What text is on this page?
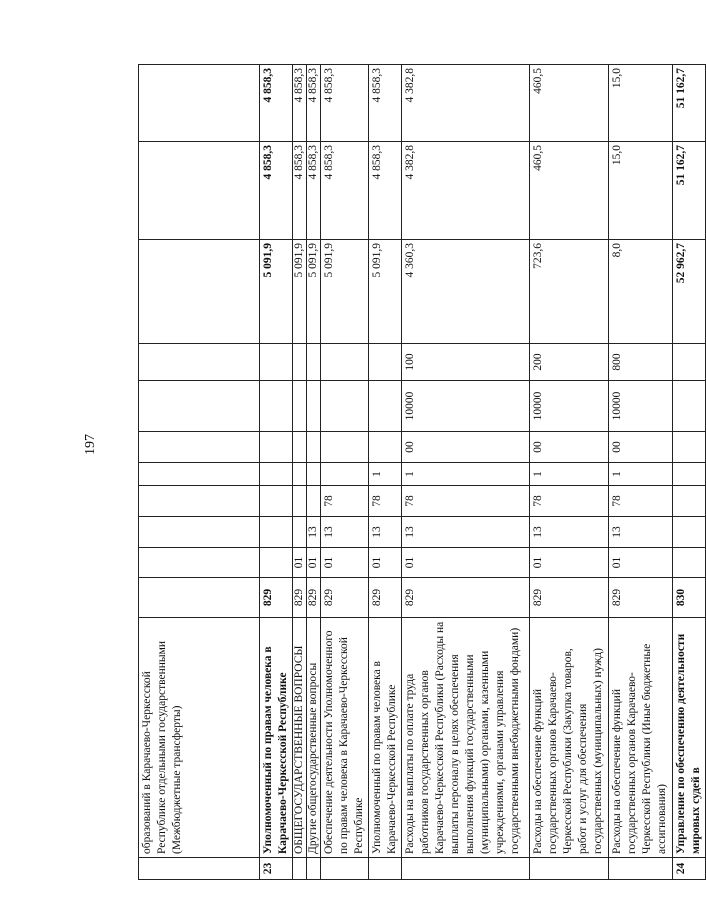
197
	образований в Карачаево-Черкесской Республике отдельными государственными (Межбюджетные трансферты)											
23	Уполномоченный по правам человека в Карачаево-Черкесской Республике	829								5 091,9	4 858,3	4 858,3
	ОБЩЕГОСУДАРСТВЕННЫЕ ВОПРОСЫ	829	01							5 091,9	4 858,3	4 858,3
	Другие общегосударственные вопросы	829	01	13						5 091,9	4 858,3	4 858,3
	Обеспечение деятельности Уполномоченного по правам человека в Карачаево-Черкесской Республике	829	01	13	78					5 091,9	4 858,3	4 858,3
	Уполномоченный по правам человека в Карачаево-Черкесской Республике	829	01	13	78	1				5 091,9	4 858,3	4 858,3
	Расходы на выплаты по оплате труда работников государственных органов Карачаево-Черкесской Республики (Расходы на выплаты персоналу в целях обеспечения выполнения функций государственными (муниципальными) органами, казенными учреждениями, органами управления государственными внебюджетными фондами)	829	01	13	78	1	00	10000	100	4 360,3	4 382,8	4 382,8
	Расходы на обеспечение функций государственных органов Карачаево-Черкесской Республики (Закупка товаров, работ и услуг для обеспечения государственных (муниципальных) нужд)	829	01	13	78	1	00	10000	200	723,6	460,5	460,5
	Расходы на обеспечение функций государственных органов Карачаево-Черкесской Республики (Иные бюджетные ассигнования)	829	01	13	78	1	00	10000	800	8,0	15,0	15,0
24	Управление по обеспечению деятельности мировых судей в	830								52 962,7	51 162,7	51 162,7
